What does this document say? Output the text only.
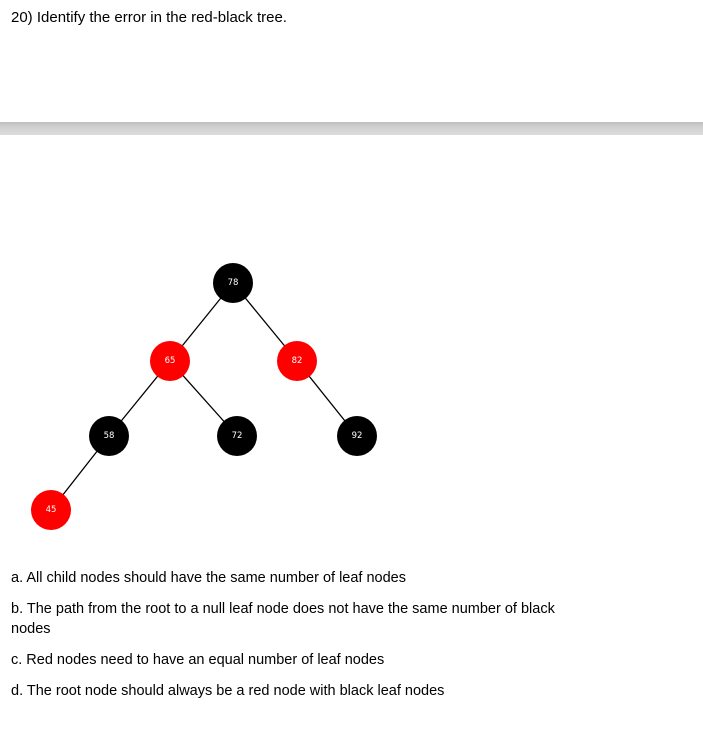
20) Identify the error in the red-black tree.
78
65	82
58	72	92
45
a. All child nodes should have the same number of leaf nodes
b. The path from the root to a null leaf node does not have the same number of black nodes
c. Red nodes need to have an equal number of leaf nodes
d. The root node should always be a red node with black leaf nodes
